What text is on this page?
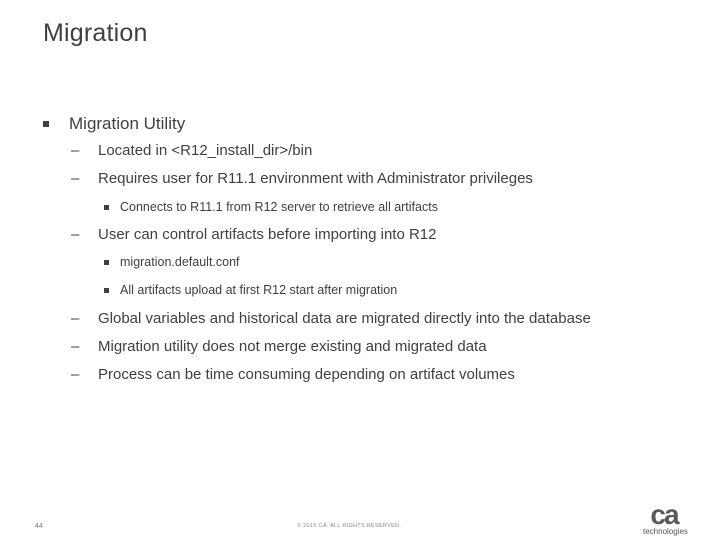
Migration
Migration Utility
–	Located in <R12_install_dir>/bin
–	Requires user for R11.1 environment with Administrator privileges
Connects to R11.1 from R12 server to retrieve all artifacts
–	User can control artifacts before importing into R12
migration.default.conf
All artifacts upload at first R12 start after migration
–	Global variables and historical data are migrated directly into the database
–	Migration utility does not merge existing and migrated data
–	Process can be time consuming depending on artifact volumes
44	© 2015 CA. ALL RIGHTS RESERVED.	ca
technologies
